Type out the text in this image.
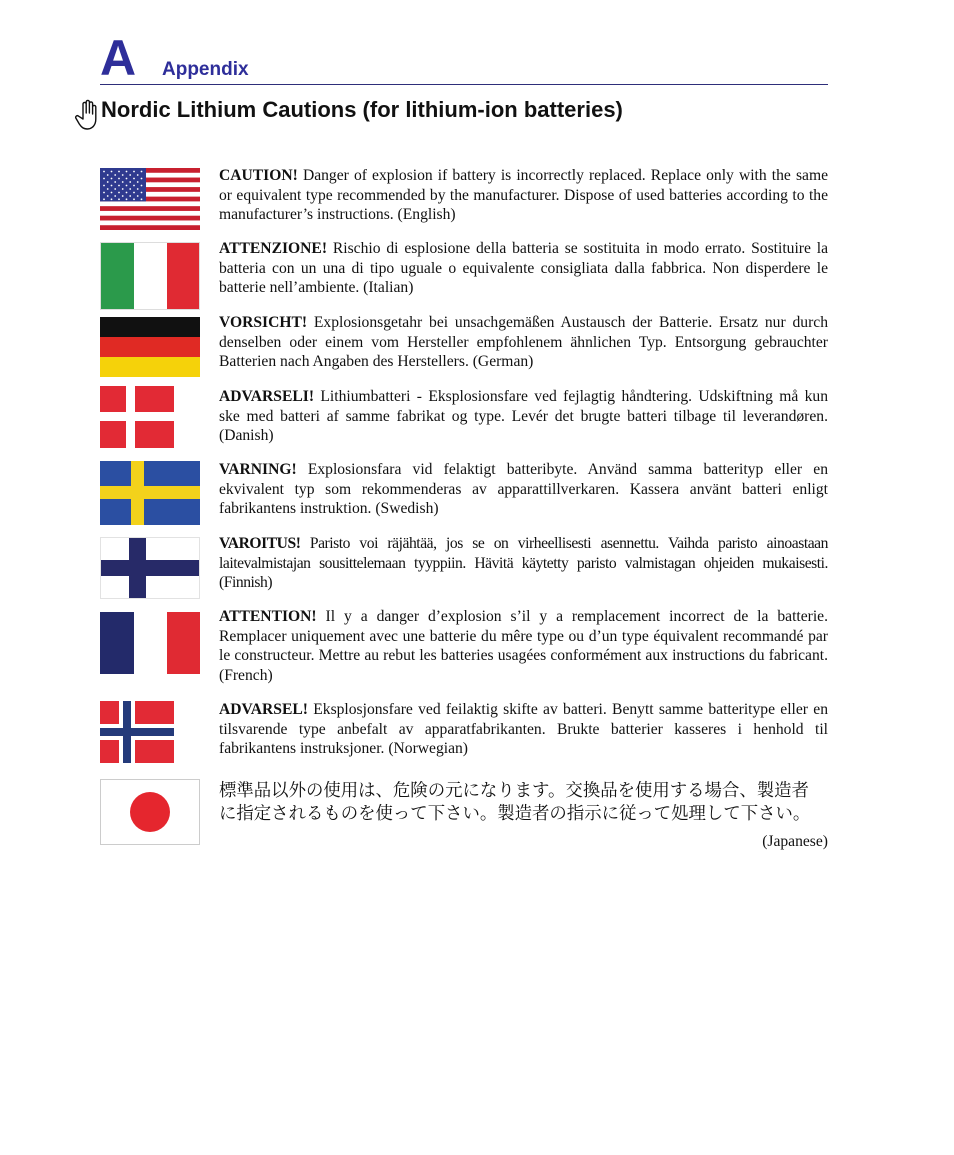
A Appendix
Nordic Lithium Cautions (for lithium-ion batteries)

CAUTION! Danger of explosion if battery is incorrectly replaced. Replace only with the same or equivalent type recommended by the manufacturer. Dispose of used batteries according to the manufacturer’s instructions. (English)

ATTENZIONE! Rischio di esplosione della batteria se sostituita in modo errato. Sostituire la batteria con un una di tipo uguale o equivalente consigliata dalla fabbrica. Non disperdere le batterie nell’ambiente. (Italian)

VORSICHT! Explosionsgetahr bei unsachgemäßen Austausch der Batterie. Ersatz nur durch denselben oder einem vom Hersteller empfohlenem ähnlichen Typ. Entsorgung gebrauchter Batterien nach Angaben des Herstellers. (German)

ADVARSELI! Lithiumbatteri - Eksplosionsfare ved fejlagtig håndtering. Udskiftning må kun ske med batteri af samme fabrikat og type. Levér det brugte batteri tilbage til leverandøren. (Danish)

VARNING! Explosionsfara vid felaktigt batteribyte. Använd samma batterityp eller en ekvivalent typ som rekommenderas av apparattillverkaren. Kassera använt batteri enligt fabrikantens instruktion. (Swedish)

VAROITUS! Paristo voi räjähtää, jos se on virheellisesti asennettu. Vaihda paristo ainoastaan laitevalmistajan sousittelemaan tyyppiin. Hävitä käytetty paristo valmistagan ohjeiden mukaisesti. (Finnish)

ATTENTION! Il y a danger d’explosion s’il y a remplacement incorrect de la batterie. Remplacer uniquement avec une batterie du mêre type ou d’un type équivalent recommandé par le constructeur. Mettre au rebut les batteries usagées conformément aux instructions du fabricant. (French)

ADVARSEL! Eksplosjonsfare ved feilaktig skifte av batteri. Benytt samme batteritype eller en tilsvarende type anbefalt av apparatfabrikanten. Brukte batterier kasseres i henhold til fabrikantens instruksjoner. (Norwegian)

標準品以外の使用は、危険の元になります。交換品を使用する場合、製造者
に指定されるものを使って下さい。製造者の指示に従って処理して下さい。

(Japanese)
